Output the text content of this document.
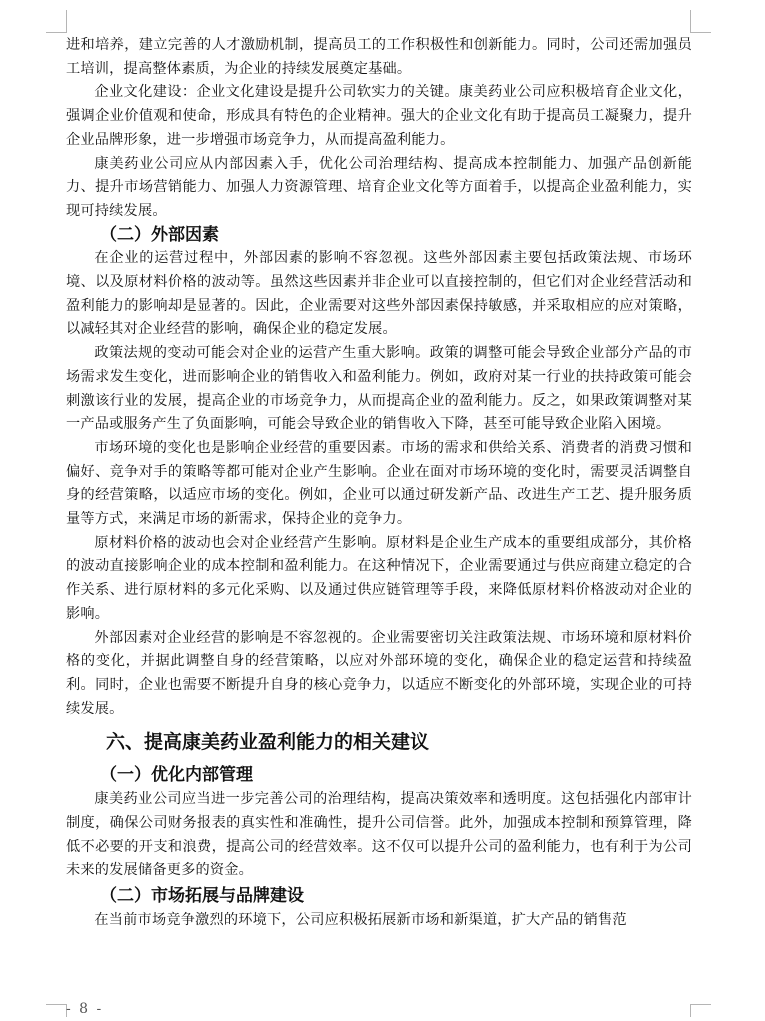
进和培养，建立完善的人才激励机制，提高员工的工作积极性和创新能力。同时，公司还需加强员工培训，提高整体素质，为企业的持续发展奠定基础。

企业文化建设：企业文化建设是提升公司软实力的关键。康美药业公司应积极培育企业文化，强调企业价值观和使命，形成具有特色的企业精神。强大的企业文化有助于提高员工凝聚力，提升企业品牌形象，进一步增强市场竞争力，从而提高盈利能力。

康美药业公司应从内部因素入手，优化公司治理结构、提高成本控制能力、加强产品创新能力、提升市场营销能力、加强人力资源管理、培育企业文化等方面着手，以提高企业盈利能力，实现可持续发展。

（二）外部因素

在企业的运营过程中，外部因素的影响不容忽视。这些外部因素主要包括政策法规、市场环境、以及原材料价格的波动等。虽然这些因素并非企业可以直接控制的，但它们对企业经营活动和盈利能力的影响却是显著的。因此，企业需要对这些外部因素保持敏感，并采取相应的应对策略，以减轻其对企业经营的影响，确保企业的稳定发展。

政策法规的变动可能会对企业的运营产生重大影响。政策的调整可能会导致企业部分产品的市场需求发生变化，进而影响企业的销售收入和盈利能力。例如，政府对某一行业的扶持政策可能会刺激该行业的发展，提高企业的市场竞争力，从而提高企业的盈利能力。反之，如果政策调整对某一产品或服务产生了负面影响，可能会导致企业的销售收入下降，甚至可能导致企业陷入困境。

市场环境的变化也是影响企业经营的重要因素。市场的需求和供给关系、消费者的消费习惯和偏好、竞争对手的策略等都可能对企业产生影响。企业在面对市场环境的变化时，需要灵活调整自身的经营策略，以适应市场的变化。例如，企业可以通过研发新产品、改进生产工艺、提升服务质量等方式，来满足市场的新需求，保持企业的竞争力。

原材料价格的波动也会对企业经营产生影响。原材料是企业生产成本的重要组成部分，其价格的波动直接影响企业的成本控制和盈利能力。在这种情况下，企业需要通过与供应商建立稳定的合作关系、进行原材料的多元化采购、以及通过供应链管理等手段，来降低原材料价格波动对企业的影响。

外部因素对企业经营的影响是不容忽视的。企业需要密切关注政策法规、市场环境和原材料价格的变化，并据此调整自身的经营策略，以应对外部环境的变化，确保企业的稳定运营和持续盈利。同时，企业也需要不断提升自身的核心竞争力，以适应不断变化的外部环境，实现企业的可持续发展。

六、提高康美药业盈利能力的相关建议
（一）优化内部管理

康美药业公司应当进一步完善公司的治理结构，提高决策效率和透明度。这包括强化内部审计制度，确保公司财务报表的真实性和准确性，提升公司信誉。此外，加强成本控制和预算管理，降低不必要的开支和浪费，提高公司的经营效率。这不仅可以提升公司的盈利能力，也有利于为公司未来的发展储备更多的资金。

（二）市场拓展与品牌建设

在当前市场竞争激烈的环境下，公司应积极拓展新市场和新渠道，扩大产品的销售范

- 8 -
